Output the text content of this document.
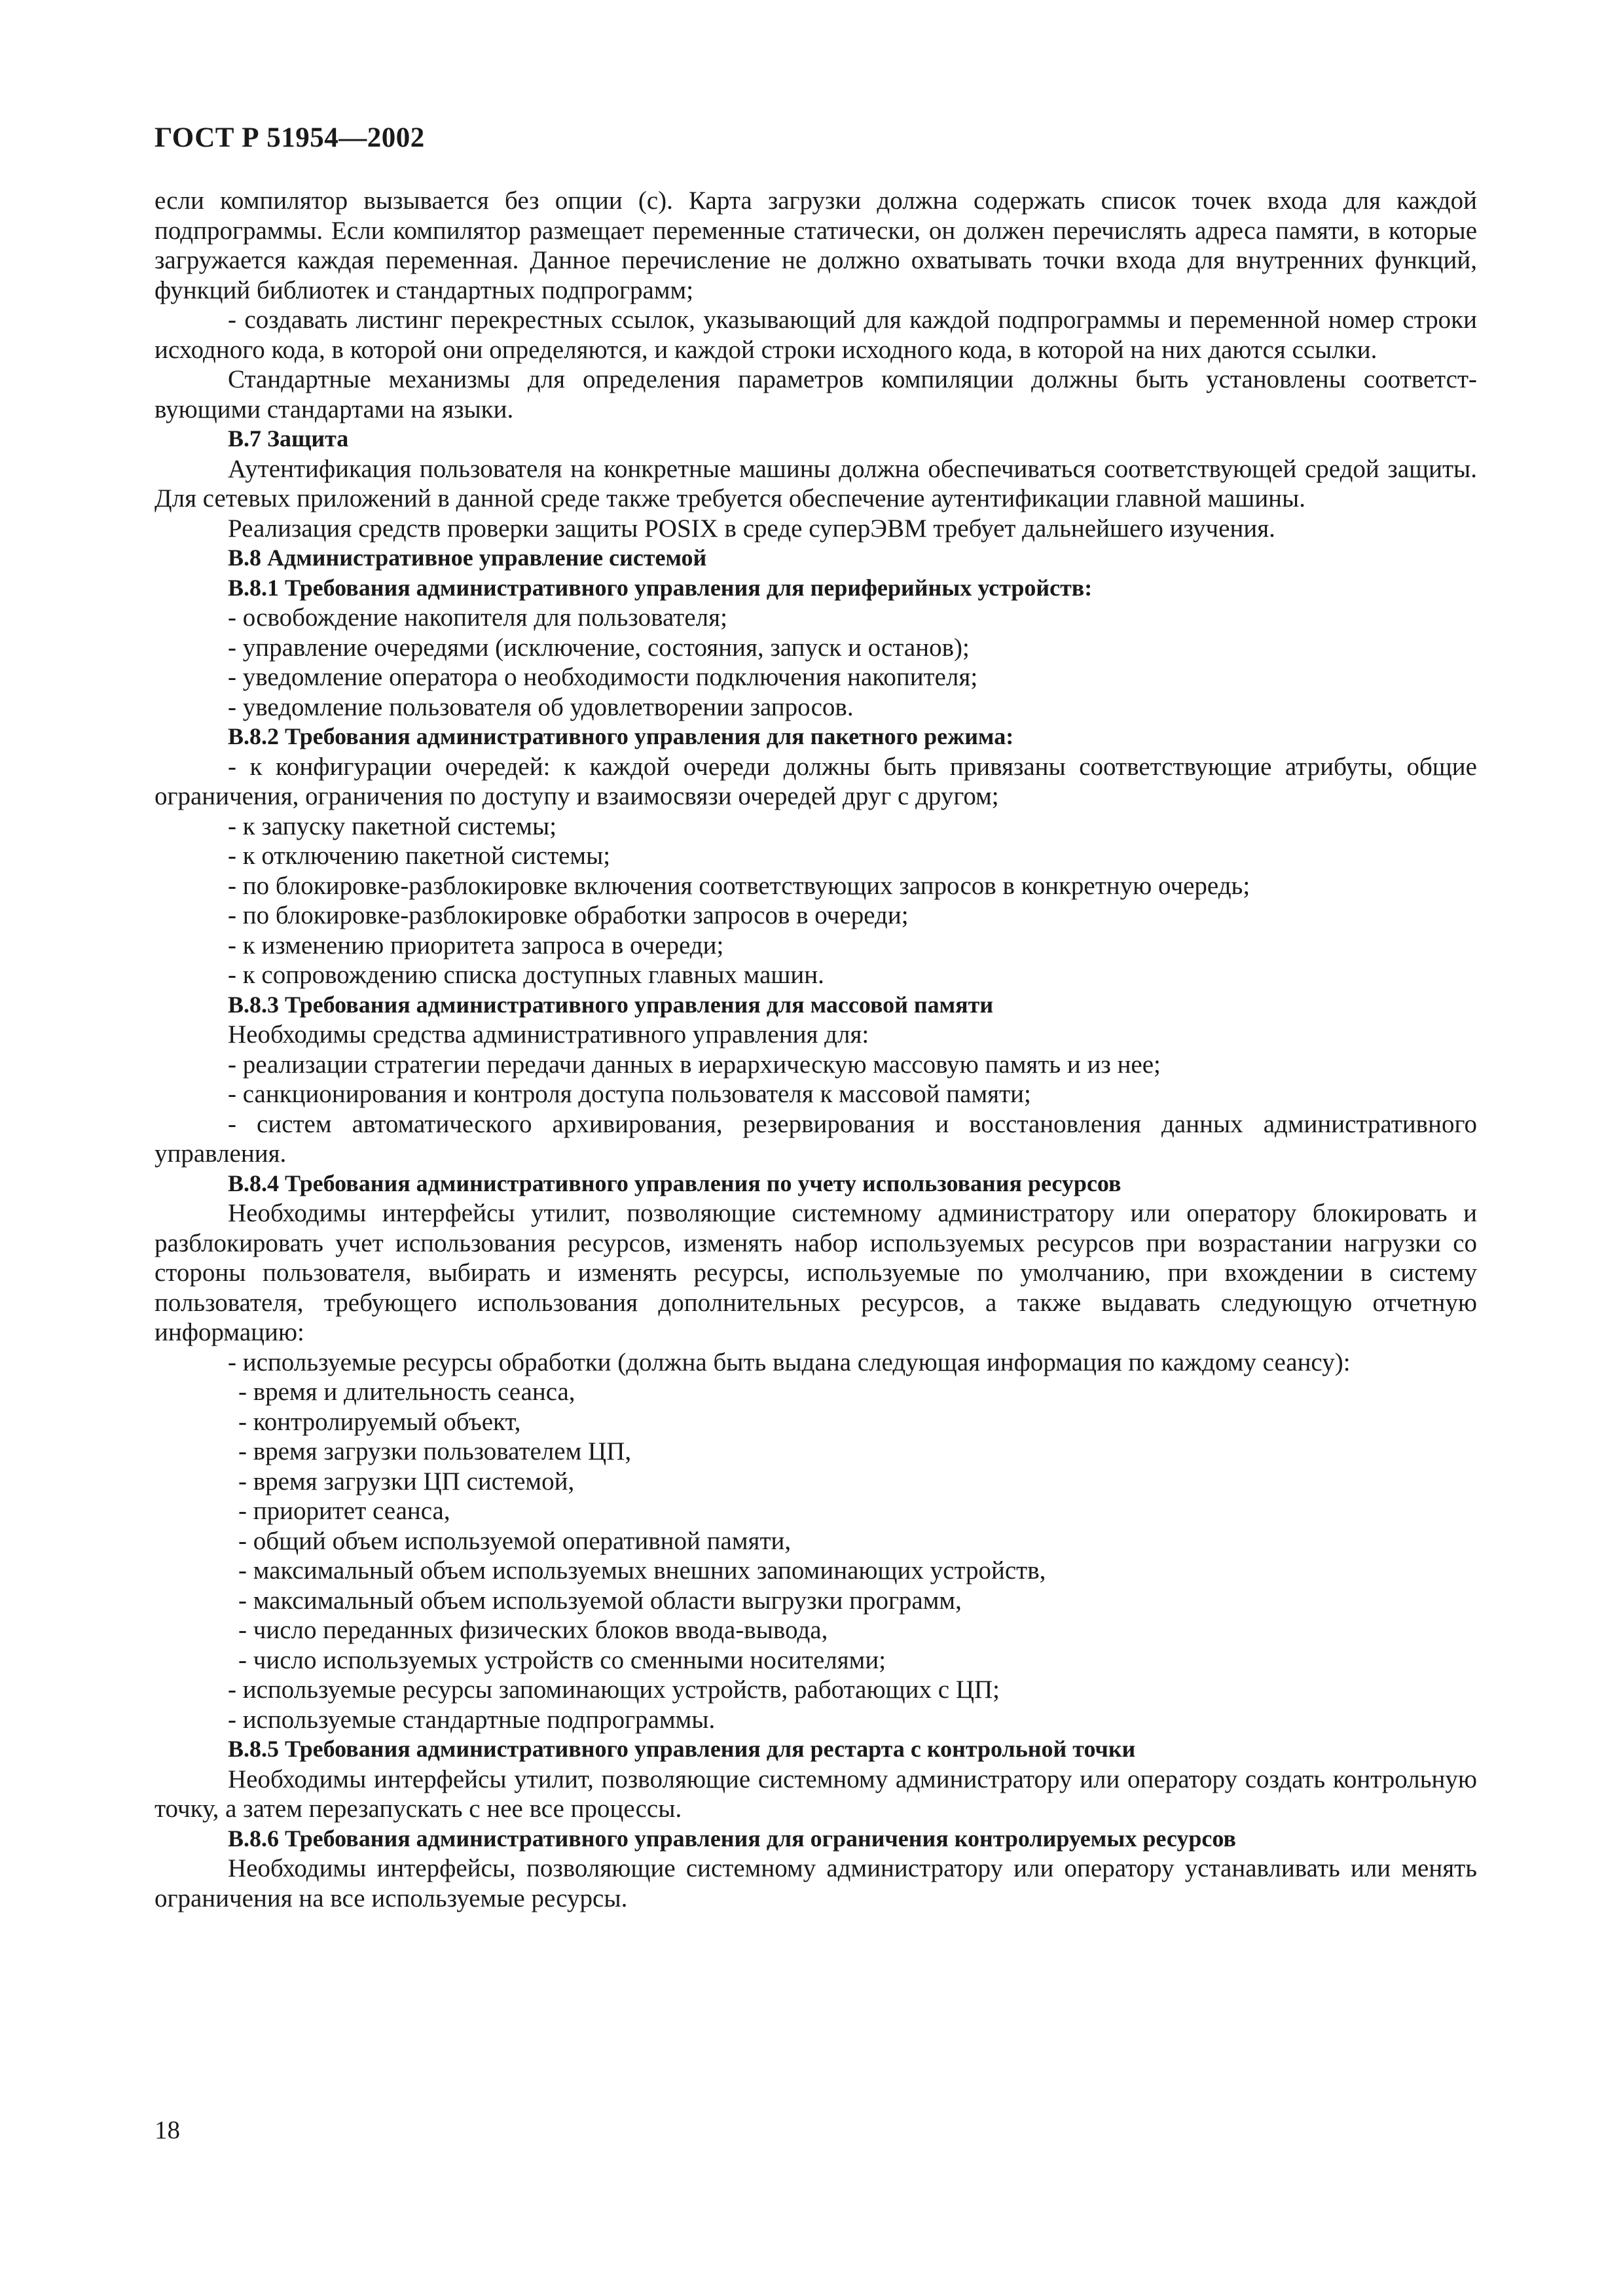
ГОСТ Р 51954—2002

если компилятор вызывается без опции (с). Карта загрузки должна содержать список точек входа для каждой подпрограммы. Если компилятор размещает переменные статически, он должен перечислять адреса памяти, в которые загружается каждая переменная. Данное перечисление не должно охватывать точки входа для внутренних функций, функций библиотек и стандартных подпрограмм;

- создавать листинг перекрестных ссылок, указывающий для каждой подпрограммы и переменной номер строки исходного кода, в которой они определяются, и каждой строки исходного кода, в которой на них даются ссылки.

Стандартные механизмы для определения параметров компиляции должны быть установлены соответст-вующими стандартами на языки.

В.7 Защита

Аутентификация пользователя на конкретные машины должна обеспечиваться соответствующей средой защиты. Для сетевых приложений в данной среде также требуется обеспечение аутентификации главной машины.

Реализация средств проверки защиты POSIX в среде суперЭВМ требует дальнейшего изучения.

В.8 Административное управление системой

В.8.1 Требования административного управления для периферийных устройств:

- освобождение накопителя для пользователя;

- управление очередями (исключение, состояния, запуск и останов);

- уведомление оператора о необходимости подключения накопителя;

- уведомление пользователя об удовлетворении запросов.

В.8.2 Требования административного управления для пакетного режима:

- к конфигурации очередей: к каждой очереди должны быть привязаны соответствующие атрибуты, общие ограничения, ограничения по доступу и взаимосвязи очередей друг с другом;

- к запуску пакетной системы;

- к отключению пакетной системы;

- по блокировке-разблокировке включения соответствующих запросов в конкретную очередь;

- по блокировке-разблокировке обработки запросов в очереди;

- к изменению приоритета запроса в очереди;

- к сопровождению списка доступных главных машин.

В.8.3 Требования административного управления для массовой памяти

Необходимы средства административного управления для:

- реализации стратегии передачи данных в иерархическую массовую память и из нее;

- санкционирования и контроля доступа пользователя к массовой памяти;

- систем автоматического архивирования, резервирования и восстановления данных административного управления.

В.8.4 Требования административного управления по учету использования ресурсов

Необходимы интерфейсы утилит, позволяющие системному администратору или оператору блокировать и разблокировать учет использования ресурсов, изменять набор используемых ресурсов при возрастании нагрузки со стороны пользователя, выбирать и изменять ресурсы, используемые по умолчанию, при вхождении в систему пользователя, требующего использования дополнительных ресурсов, а также выдавать следующую отчетную информацию:

- используемые ресурсы обработки (должна быть выдана следующая информация по каждому сеансу):

- время и длительность сеанса,

- контролируемый объект,

- время загрузки пользователем ЦП,

- время загрузки ЦП системой,

- приоритет сеанса,

- общий объем используемой оперативной памяти,

- максимальный объем используемых внешних запоминающих устройств,

- максимальный объем используемой области выгрузки программ,

- число переданных физических блоков ввода-вывода,

- число используемых устройств со сменными носителями;

- используемые ресурсы запоминающих устройств, работающих с ЦП;

- используемые стандартные подпрограммы.

В.8.5 Требования административного управления для рестарта с контрольной точки

Необходимы интерфейсы утилит, позволяющие системному администратору или оператору создать контрольную точку, а затем перезапускать с нее все процессы.

В.8.6 Требования административного управления для ограничения контролируемых ресурсов

Необходимы интерфейсы, позволяющие системному администратору или оператору устанавливать или менять ограничения на все используемые ресурсы.

18
